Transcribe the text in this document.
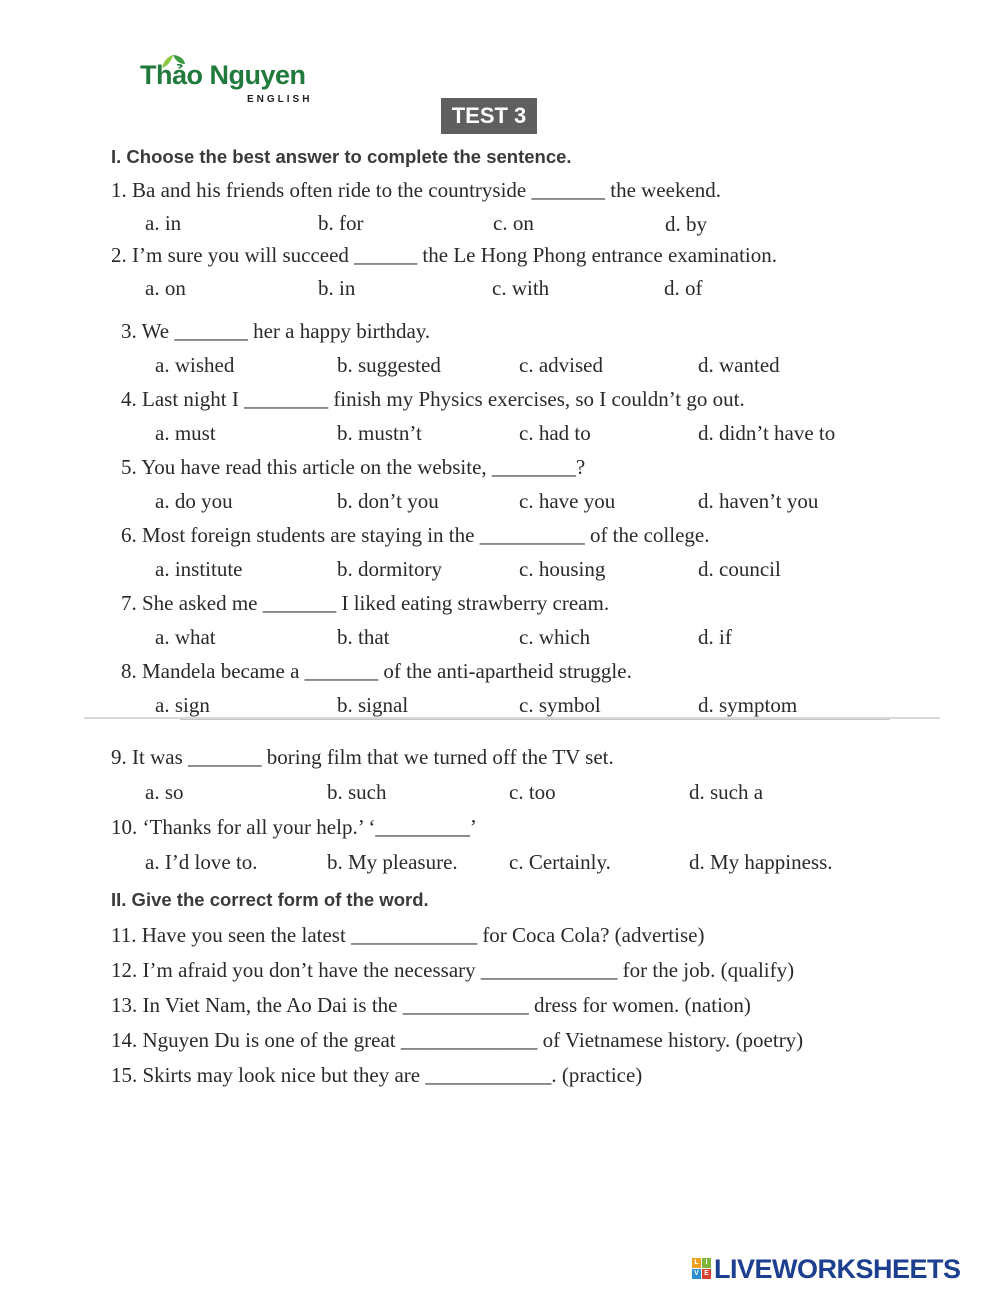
Thảo Nguyen
ENGLISH
TEST 3
I. Choose the best answer to complete the sentence.
1. Ba and his friends often ride to the countryside _______ the weekend.
a. in	b. for	c. on	d. by
2. I’m sure you will succeed ______ the Le Hong Phong entrance examination.
a. on	b. in	c. with	d. of
3. We _______ her a happy birthday.
a. wished	b. suggested	c. advised	d. wanted
4. Last night I ________ finish my Physics exercises, so I couldn’t go out.
a. must	b. mustn’t	c. had to	d. didn’t have to
5. You have read this article on the website, ________?
a. do you	b. don’t you	c. have you	d. haven’t you
6. Most foreign students are staying in the __________ of the college.
a. institute	b. dormitory	c. housing	d. council
7. She asked me _______ I liked eating strawberry cream.
a. what	b. that	c. which	d. if
8. Mandela became a _______ of the anti-apartheid struggle.
a. sign	b. signal	c. symbol	d. symptom
9. It was _______ boring film that we turned off the TV set.
a. so	b. such	c. too	d. such a
10. ‘Thanks for all your help.’ ‘_________’
a. I’d love to.	b. My pleasure. c. Certainly.	d. My happiness.
II. Give the correct form of the word.
11. Have you seen the latest ____________ for Coca Cola? (advertise)
12. I’m afraid you don’t have the necessary _____________ for the job. (qualify)
13. In Viet Nam, the Ao Dai is the ____________ dress for women. (nation)
14. Nguyen Du is one of the great _____________ of Vietnamese history. (poetry)
15. Skirts may look nice but they are ____________. (practice)
L I
V E LIVEWORKSHEETS
